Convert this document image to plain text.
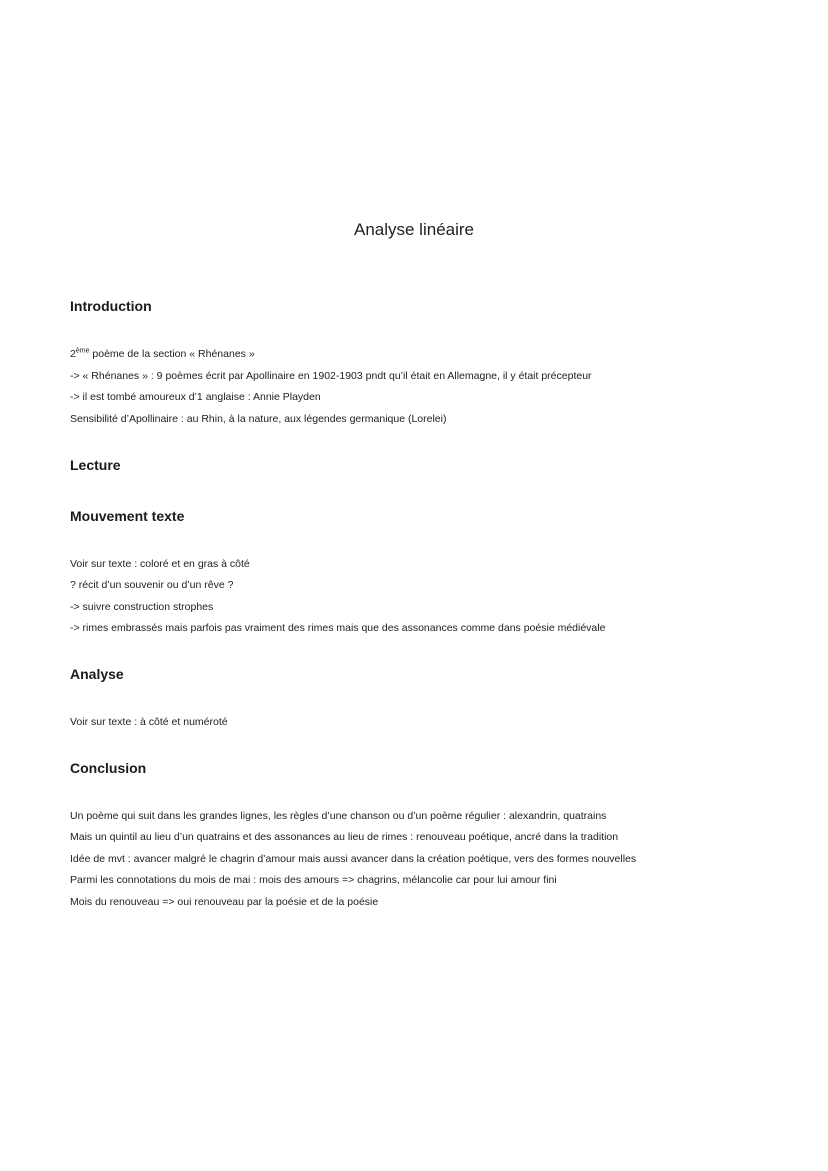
Analyse linéaire
Introduction

2ème poème de la section « Rhénanes »

-> « Rhénanes » : 9 poèmes écrit par Apollinaire en 1902-1903 pndt qu’il était en Allemagne, il y était précepteur

-> il est tombé amoureux d’1 anglaise : Annie Playden

Sensibilité d’Apollinaire : au Rhin, à la nature, aux légendes germanique (Lorelei)

Lecture
Mouvement texte

Voir sur texte : coloré et en gras à côté

? récit d’un souvenir ou d’un rêve ?

-> suivre construction strophes

-> rimes embrassés mais parfois pas vraiment des rimes mais que des assonances comme dans poésie médiévale

Analyse

Voir sur texte : à côté et numéroté

Conclusion

Un poème qui suit dans les grandes lignes, les règles d’une chanson ou d’un poème régulier : alexandrin, quatrains

Mais un quintil au lieu d’un quatrains et des assonances au lieu de rimes : renouveau poétique, ancré dans la tradition

Idée de mvt : avancer malgré le chagrin d’amour mais aussi avancer dans la création poétique, vers des formes nouvelles

Parmi les connotations du mois de mai : mois des amours => chagrins, mélancolie car pour lui amour fini

Mois du renouveau => oui renouveau par la poésie et de la poésie
